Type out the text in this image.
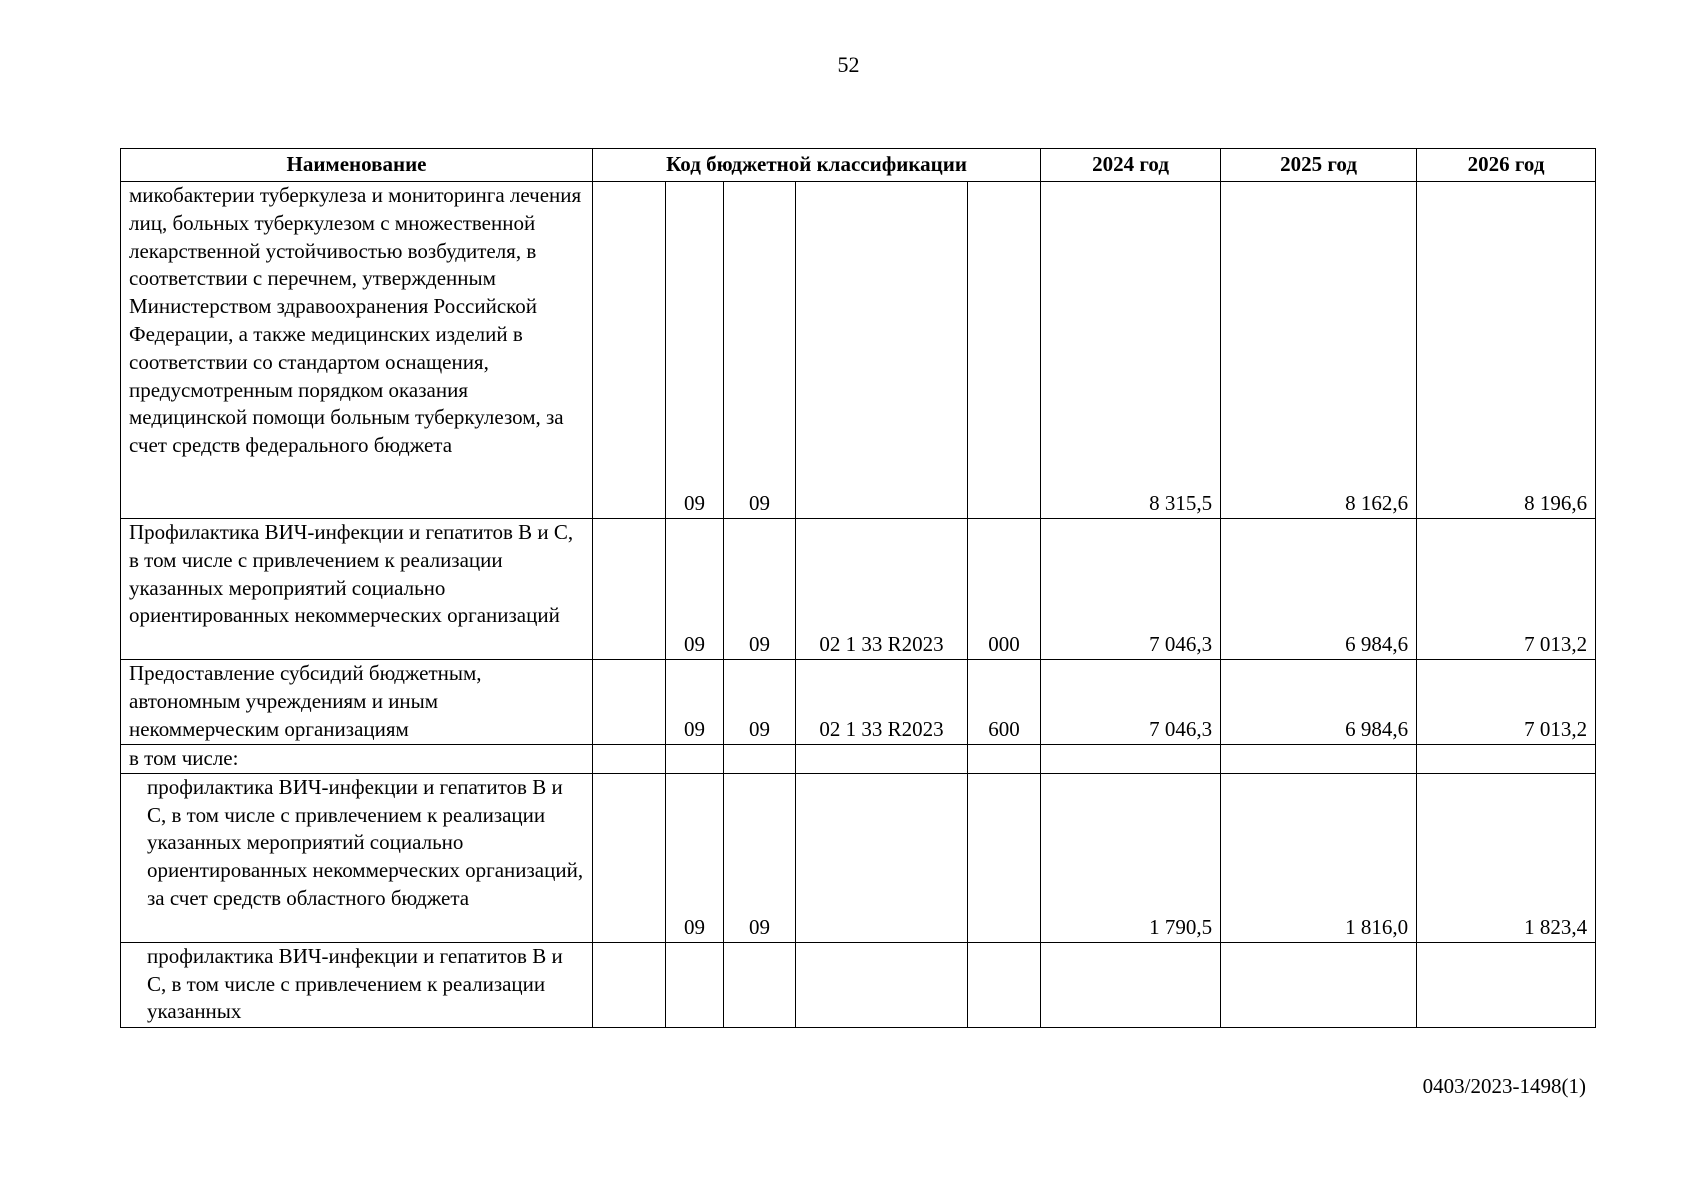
52
Наименование	Код бюджетной классификации					2024 год	2025 год	2026 год
микобактерии туберкулеза и мониторинга лечения лиц, больных туберкулезом с множественной лекарственной устойчивостью возбудителя, в соответствии с перечнем, утвержденным Министерством здравоохранения Российской Федерации, а также медицинских изделий в соответствии со стандартом оснащения, предусмотренным порядком оказания медицинской помощи больным туберкулезом, за счет средств федерального бюджета		09	09			8 315,5	8 162,6	8 196,6
Профилактика ВИЧ-инфекции и гепатитов В и С, в том числе с привлечением к реализации указанных мероприятий социально ориентированных некоммерческих организаций		09	09	02 1 33 R2023	000	7 046,3	6 984,6	7 013,2
Предоставление субсидий бюджетным, автономным учреждениям и иным некоммерческим организациям		09	09	02 1 33 R2023	600	7 046,3	6 984,6	7 013,2
в том числе:								
профилактика ВИЧ-инфекции и гепатитов В и С, в том числе с привлечением к реализации указанных мероприятий социально ориентированных некоммерческих организаций, за счет средств областного бюджета		09	09			1 790,5	1 816,0	1 823,4
профилактика ВИЧ-инфекции и гепатитов В и С, в том числе с привлечением к реализации указанных								
0403/2023-1498(1)
